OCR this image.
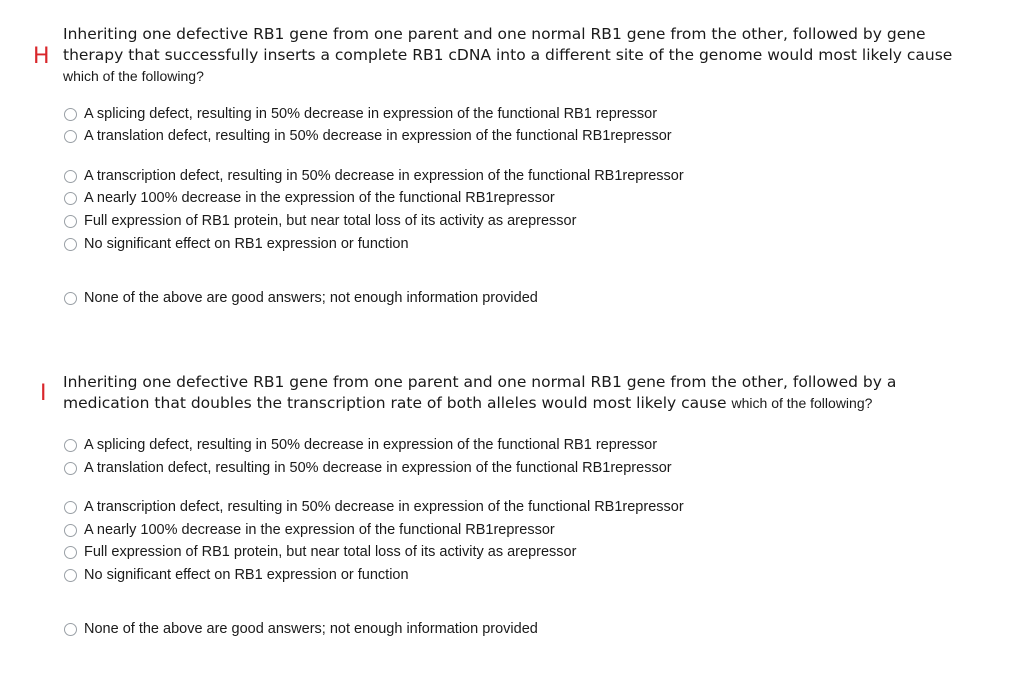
H
Inheriting one defective RB1 gene from one parent and one normal RB1 gene from the other, followed by gene therapy that successfully inserts a complete RB1 cDNA into a different site of the genome would most likely cause which of the following?
A splicing defect, resulting in 50% decrease in expression of the functional RB1 repressor
A translation defect, resulting in 50% decrease in expression of the functional RB1repressor
A transcription defect, resulting in 50% decrease in expression of the functional RB1repressor
A nearly 100% decrease in the expression of the functional RB1repressor
Full expression of RB1 protein, but near total loss of its activity as arepressor
No significant effect on RB1 expression or function
None of the above are good answers; not enough information provided
I Inheriting one defective RB1 gene from one parent and one normal RB1 gene from the other, followed by a medication that doubles the transcription rate of both alleles would most likely cause which of the following?
A splicing defect, resulting in 50% decrease in expression of the functional RB1 repressor
A translation defect, resulting in 50% decrease in expression of the functional RB1repressor
A transcription defect, resulting in 50% decrease in expression of the functional RB1repressor
A nearly 100% decrease in the expression of the functional RB1repressor
Full expression of RB1 protein, but near total loss of its activity as arepressor
No significant effect on RB1 expression or function
None of the above are good answers; not enough information provided
